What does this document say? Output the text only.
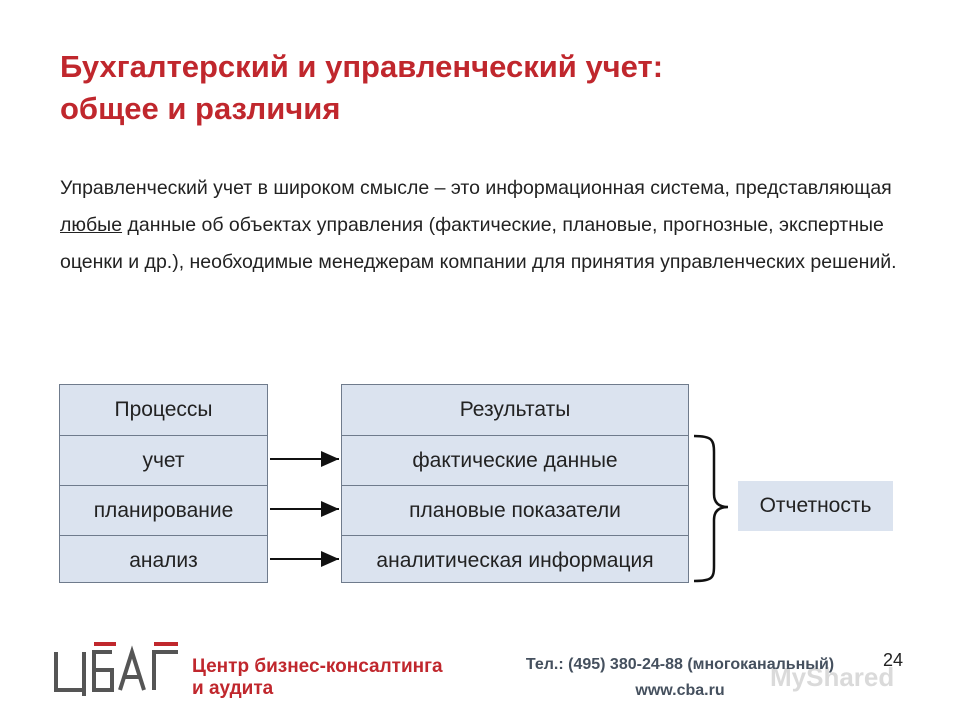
Бухгалтерский и управленческий учет:
общее и различия
Управленческий учет в широком смысле – это информационная система, представляющая любые данные об объектах управления (фактические, плановые, прогнозные, экспертные оценки и др.), необходимые менеджерам компании для принятия управленческих решений.
Процессы
учет
планирование
анализ
Результаты
фактические данные
плановые показатели
аналитическая информация
Отчетность
Центр бизнес-консалтинга
и аудита	MyShared
Тел.: (495) 380-24-88 (многоканальный)
www.cba.ru
24
